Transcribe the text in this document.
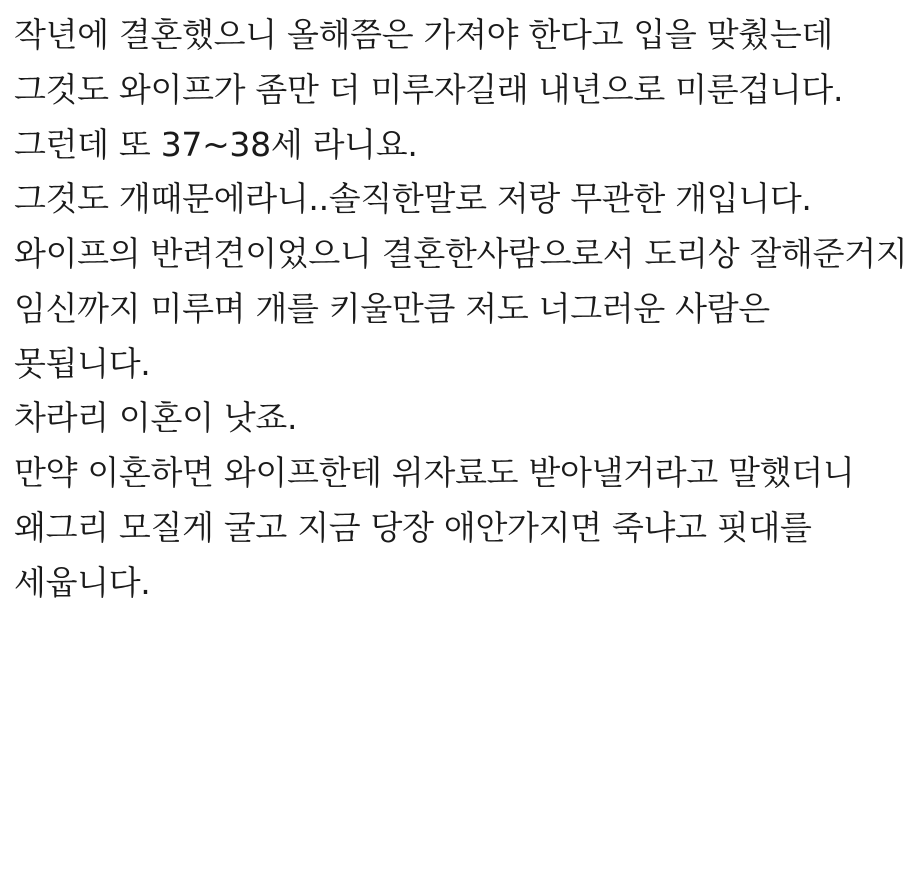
작년에 결혼했으니 올해쯤은 가져야 한다고 입을 맞췄는데 그것도 와이프가 좀만 더 미루자길래 내년으로 미룬겁니다.

그런데 또 37~38세 라니요.

그것도 개때문에라니..솔직한말로 저랑 무관한 개입니다.

와이프의 반려견이었으니 결혼한사람으로서 도리상 잘해준거지 임신까지 미루며 개를 키울만큼 저도 너그러운 사람은 못됩니다.

차라리 이혼이 낫죠.

만약 이혼하면 와이프한테 위자료도 받아낼거라고 말했더니 왜그리 모질게 굴고 지금 당장 애안가지면 죽냐고 핏대를 세웁니다.
